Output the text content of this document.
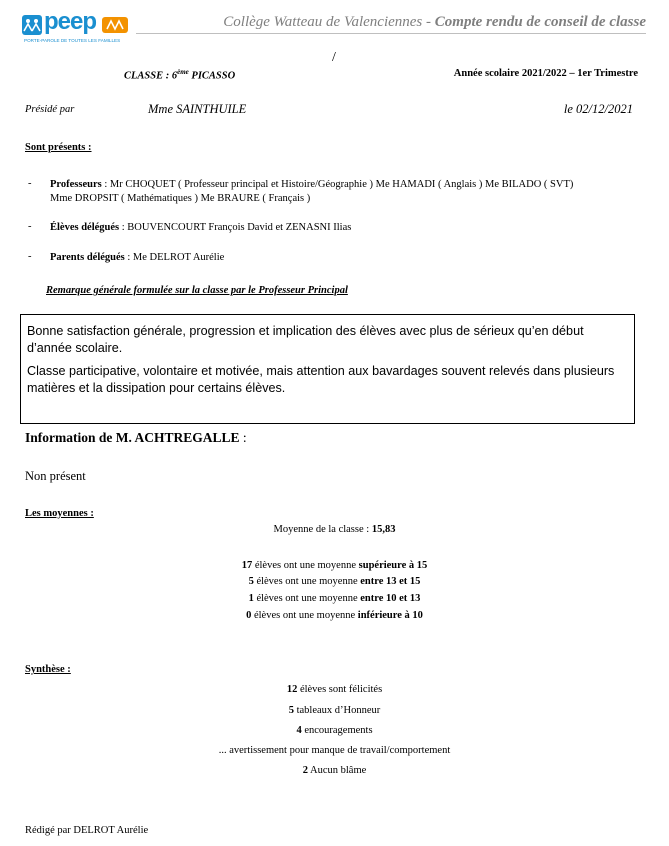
peep
PORTE-PAROLE DE TOUTES LES FAMILLES
Collège Watteau de Valenciennes - Compte rendu de conseil de classe
/
CLASSE : 6ème PICASSO	Année scolaire 2021/2022 – 1er Trimestre
Présidé par	Mme SAINTHUILE	le 02/12/2021
Sont présents :
- Professeurs : Mr CHOQUET ( Professeur principal et Histoire/Géographie ) Me HAMADI ( Anglais ) Me BILADO ( SVT)
Mme DROPSIT ( Mathématiques ) Me BRAURE ( Français )
- Élèves délégués : BOUVENCOURT François David et ZENASNI Ilias
- Parents délégués : Me DELROT Aurélie
Remarque générale formulée sur la classe par le Professeur Principal

Bonne satisfaction générale, progression et implication des élèves avec plus de sérieux qu’en début d’année scolaire.

Classe participative, volontaire et motivée, mais attention aux bavardages souvent relevés dans plusieurs matières et la dissipation pour certains élèves.

Information de M. ACHTREGALLE :
Non présent
Les moyennes :
Moyenne de la classe : 15,83
17 élèves ont une moyenne supérieure à 15
5 élèves ont une moyenne entre 13 et 15
1 élèves ont une moyenne entre 10 et 13
0 élèves ont une moyenne inférieure à 10
Synthèse :
12 élèves sont félicités
5 tableaux d’Honneur
4 encouragements
... avertissement pour manque de travail/comportement
2 Aucun blâme
Rédigé par DELROT Aurélie
